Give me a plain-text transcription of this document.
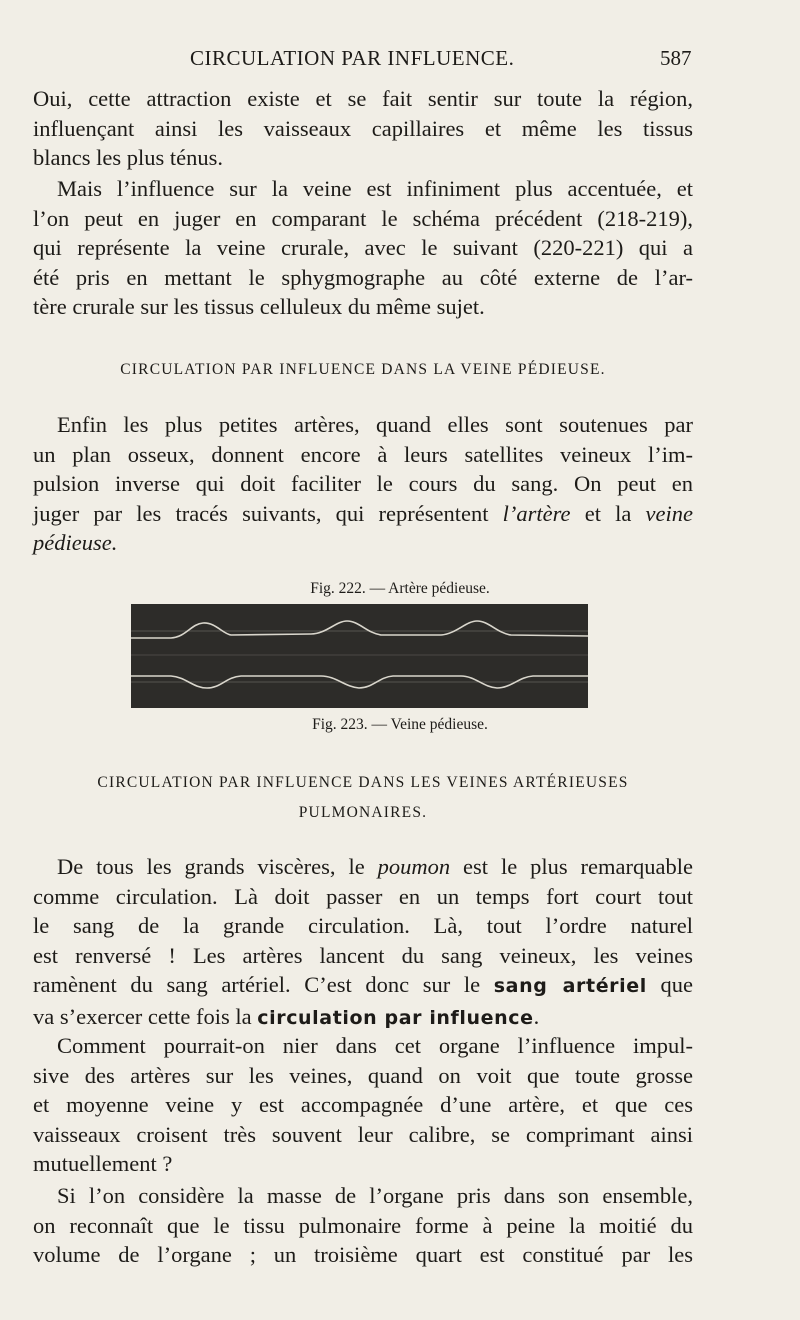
CIRCULATION PAR INFLUENCE.	587
Oui, cette attraction existe et se fait sentir sur toute la région,
influençant ainsi les vaisseaux capillaires et même les tissus
blancs les plus ténus.
Mais l’influence sur la veine est infiniment plus accentuée, et
l’on peut en juger en comparant le schéma précédent (218-219),
qui représente la veine crurale, avec le suivant (220-221) qui a
été pris en mettant le sphygmographe au côté externe de l’ar-
tère crurale sur les tissus celluleux du même sujet.

CIRCULATION PAR INFLUENCE DANS LA VEINE PÉDIEUSE.

Enfin les plus petites artères, quand elles sont soutenues par
un plan osseux, donnent encore à leurs satellites veineux l’im-
pulsion inverse qui doit faciliter le cours du sang. On peut en
juger par les tracés suivants, qui représentent l’artère et la veine
pédieuse.

Fig. 222. — Artère pédieuse.

Fig. 223. — Veine pédieuse.

CIRCULATION PAR INFLUENCE DANS LES VEINES ARTÉRIEUSES

PULMONAIRES.

De tous les grands viscères, le poumon est le plus remarquable
comme circulation. Là doit passer en un temps fort court tout
le sang de la grande circulation. Là, tout l’ordre naturel
est renversé ! Les artères lancent du sang veineux, les veines
ramènent du sang artériel. C’est donc sur le sang artériel que
va s’exercer cette fois la circulation par influence.
Comment pourrait-on nier dans cet organe l’influence impul-
sive des artères sur les veines, quand on voit que toute grosse
et moyenne veine y est accompagnée d’une artère, et que ces
vaisseaux croisent très souvent leur calibre, se comprimant ainsi
mutuellement ?
Si l’on considère la masse de l’organe pris dans son ensemble,
on reconnaît que le tissu pulmonaire forme à peine la moitié du
volume de l’organe ; un troisième quart est constitué par les
